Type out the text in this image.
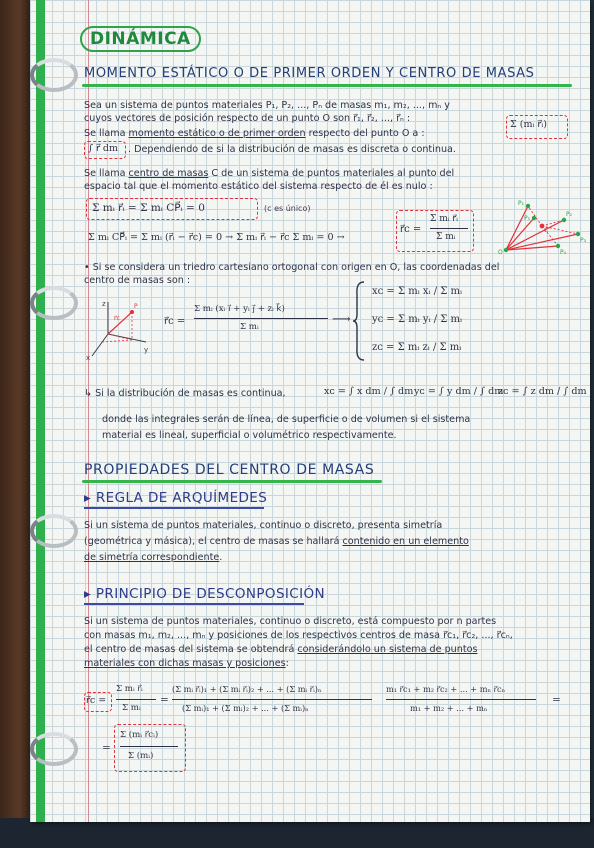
DINÁMICA
MOMENTO ESTÁTICO O DE PRIMER ORDEN Y CENTRO DE MASAS
Sea un sistema de puntos materiales P₁, P₂, ..., Pₙ de masas m₁, m₂, ..., mₙ y
cuyos vectores de posición respecto de un punto O son r⃗₁, r⃗₂, ..., r⃗ₙ :
Se llama momento estático o de primer orden respecto del punto O a :
Σ (mᵢ r⃗ᵢ)
∫ r⃗ dm . Dependiendo de si la distribución de masas es discreta o continua.
Se llama centro de masas C de un sistema de puntos materiales al punto del
espacio tal que el momento estático del sistema respecto de él es nulo :
Σ mᵢ r⃗ᵢ = Σ mᵢ CP⃗ᵢ = 0	(c es único)
Σ mᵢ CP⃗ᵢ = Σ mᵢ (r⃗ᵢ − r⃗c) = 0 → Σ mᵢ r⃗ᵢ − r⃗c Σ mᵢ = 0 →
r⃗c =
Σ mᵢ r⃗ᵢ
Σ mᵢ
P₁
P₂
P₃
P₄
P₅
C
O
• Si se considera un triedro cartesiano ortogonal con origen en O, las coordenadas del
centro de masas son :
z
y
x
P
r⃗c	r⃗c =
Σ mᵢ (xᵢ i⃗ + yᵢ j⃗ + zᵢ k⃗)
Σ mᵢ	⟶
xᴄ = Σ mᵢ xᵢ / Σ mᵢ
yᴄ = Σ mᵢ yᵢ / Σ mᵢ
zᴄ = Σ mᵢ zᵢ / Σ mᵢ
↳ Si la distribución de masas es continua,	xᴄ = ∫ x dm / ∫ dm yᴄ = ∫ y dm / ∫ dm
zᴄ = ∫ z dm / ∫ dm
donde las integrales serán de línea, de superficie o de volumen si el sistema
material es lineal, superficial o volumétrico respectivamente.
PROPIEDADES DEL CENTRO DE MASAS
▸ REGLA DE ARQUÍMEDES
Si un sistema de puntos materiales, continuo o discreto, presenta simetría
(geométrica y másica), el centro de masas se hallará contenido en un elemento
de simetría correspondiente.
▸ PRINCIPIO DE DESCONPOSICIÓN
Si un sistema de puntos materiales, continuo o discreto, está compuesto por n partes
con masas m₁, m₂, ..., mₙ y posiciones de los respectivos centros de masa r⃗c₁, r⃗c₂, ..., r⃗cₙ,
el centro de masas del sistema se obtendrá considerándolo un sistema de puntos
materiales con dichas masas y posiciones:
r⃗c =
Σ mᵢ r⃗ᵢ
Σ mᵢ
=
(Σ mᵢ r⃗ᵢ)₁ + (Σ mᵢ r⃗ᵢ)₂ + ... + (Σ mᵢ r⃗ᵢ)ₙ
(Σ mᵢ)₁ + (Σ mᵢ)₂ + ... + (Σ mᵢ)ₙ
m₁ r⃗c₁ + m₂ r⃗c₂ + ... + mₙ r⃗cₙ
m₁ + m₂ + ... + mₙ
=
=
Σ (mᵢ r⃗cᵢ)
Σ (mᵢ)
